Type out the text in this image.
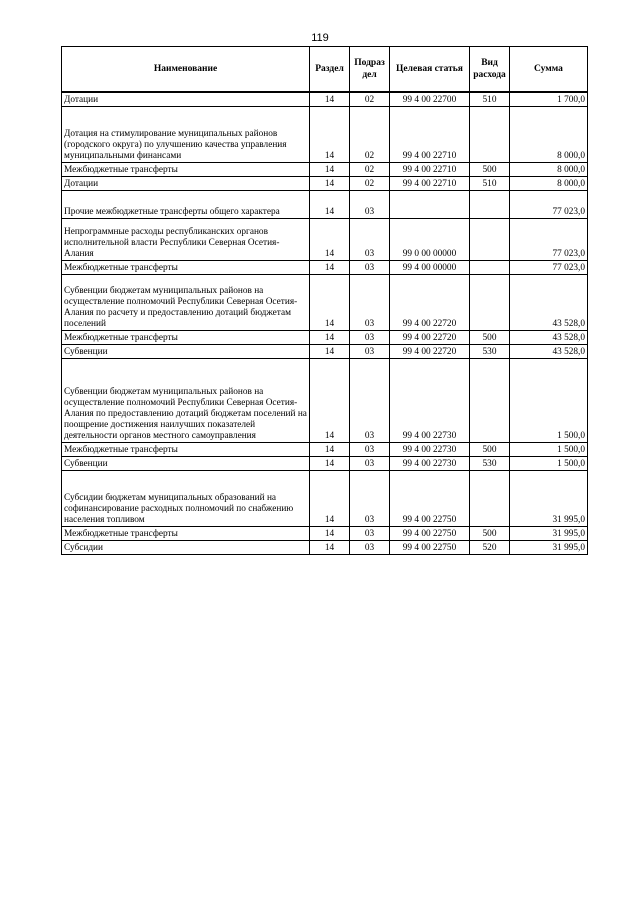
119
Наименование	Раздел	Подраз дел	Целевая статья	Вид расхода	Сумма
Дотации	14	02	99 4 00 22700	510	1 700,0
Дотация на стимулирование муниципальных районов (городского округа) по улучшению качества управления муниципальными финансами	14	02	99 4 00 22710		8 000,0
Межбюджетные трансферты	14	02	99 4 00 22710	500	8 000,0
Дотации	14	02	99 4 00 22710	510	8 000,0
Прочие межбюджетные трансферты общего характера	14	03			77 023,0
Непрограммные расходы республиканских органов исполнительной власти Республики Северная Осетия-Алания	14	03	99 0 00 00000		77 023,0
Межбюджетные трансферты	14	03	99 4 00 00000		77 023,0
Субвенции бюджетам муниципальных районов на осуществление полномочий Республики Северная Осетия-Алания по расчету и предоставлению дотаций бюджетам поселений	14	03	99 4 00 22720		43 528,0
Межбюджетные трансферты	14	03	99 4 00 22720	500	43 528,0
Субвенции	14	03	99 4 00 22720	530	43 528,0
Субвенции бюджетам муниципальных районов на осуществление полномочий Республики Северная Осетия-Алания по предоставлению дотаций бюджетам поселений на поощрение достижения наилучших показателей деятельности органов местного самоуправления	14	03	99 4 00 22730		1 500,0
Межбюджетные трансферты	14	03	99 4 00 22730	500	1 500,0
Субвенции	14	03	99 4 00 22730	530	1 500,0
Субсидии бюджетам муниципальных образований на софинансирование расходных полномочий по снабжению населения топливом	14	03	99 4 00 22750		31 995,0
Межбюджетные трансферты	14	03	99 4 00 22750	500	31 995,0
Субсидии	14	03	99 4 00 22750	520	31 995,0
